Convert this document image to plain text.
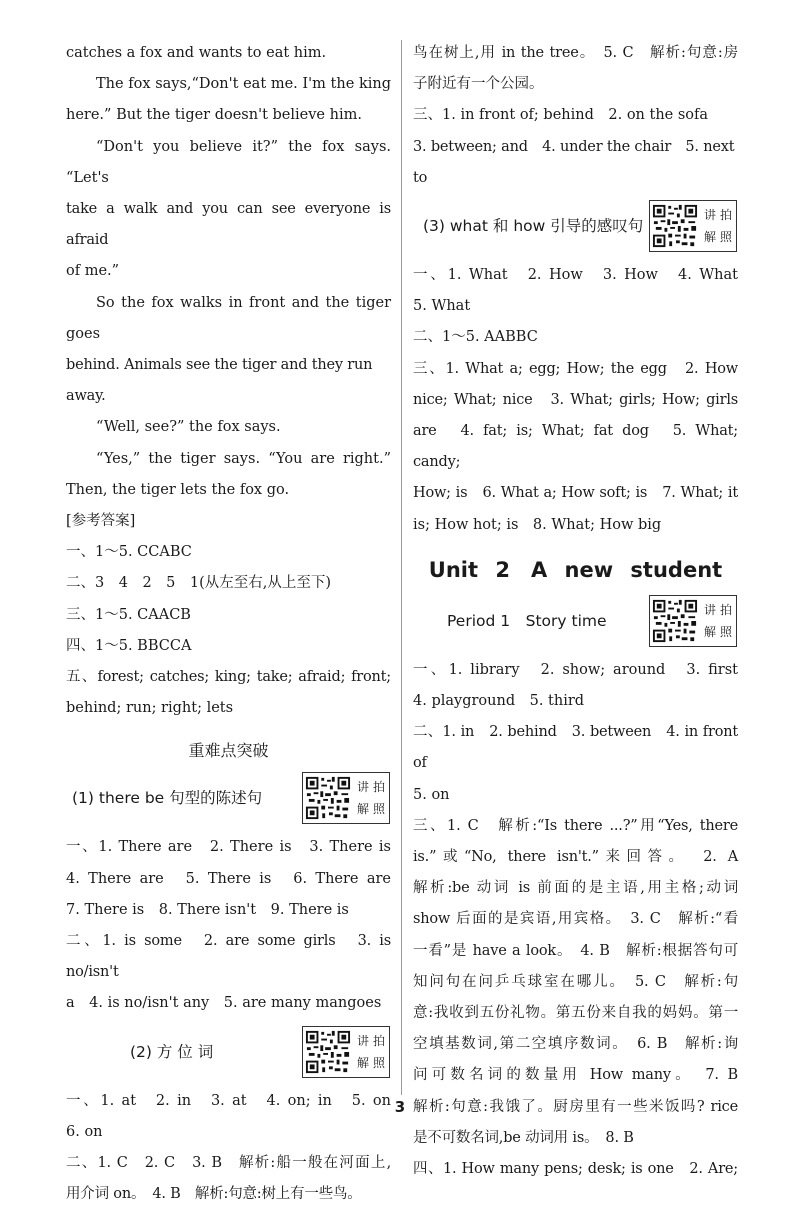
catches a fox and wants to eat him.

The fox says,“Don't eat me. I'm the king

here.” But the tiger doesn't believe him.

“Don't you believe it?” the fox says. “Let's

take a walk and you can see everyone is afraid

of me.”

So the fox walks in front and the tiger goes

behind. Animals see the tiger and they run away.

“Well, see?” the fox says.

“Yes,” the tiger says. “You are right.”

Then, the tiger lets the fox go.

[参考答案]

一、1～5. CCABC

二、3　4　2　5　1(从左至右,从上至下)

三、1～5. CAACB

四、1～5. BBCCA

五、forest; catches; king; take; afraid; front;

behind; run; right; lets

重难点突破
(1) there be 句型的陈述句
讲 拍
解 照

一、1. There are　2. There is　3. There is

4. There are　5. There is　6. There are

7. There is　8. There isn't　9. There is

二、1. is some　2. are some girls　3. is no/isn't

a　4. is no/isn't any　5. are many mangoes

(2) 方 位 词
讲 拍
解 照

一、1. at　2. in　3. at　4. on; in　5. on

6. on

二、1. C　2. C　3. B　解析:船一般在河面上,

用介词 on。　4. B　解析:句意:树上有一些鸟。

鸟在树上,用 in the tree。　5. C　解析:句意:房

子附近有一个公园。

三、1. in front of; behind　2. on the sofa

3. between; and　4. under the chair　5. next to

(3) what 和 how 引导的感叹句
讲 拍
解 照

一、1. What　2. How　3. How　4. What

5. What

二、1～5. AABBC

三、1. What a; egg; How; the egg　2. How

nice; What; nice　3. What; girls; How; girls

are　4. fat; is; What; fat dog　5. What; candy;

How; is　6. What a; How soft; is　7. What; it

is; How hot; is　8. What; How big

Unit 2　A new student
Period 1　Story time
讲 拍
解 照

一、1. library　2. show; around　3. first

4. playground　5. third

二、1. in　2. behind　3. between　4. in front of

5. on

三、1. C　解析:“Is there ...?”用“Yes, there

is.”或“No, there isn't.”来回答。　2. A

解析:be 动词 is 前面的是主语,用主格;动词

show 后面的是宾语,用宾格。　3. C　解析:“看

一看”是 have a look。　4. B　解析:根据答句可

知问句在问乒乓球室在哪儿。　5. C　解析:句

意:我收到五份礼物。第五份来自我的妈妈。第一

空填基数词,第二空填序数词。　6. B　解析:询

问可数名词的数量用 How many。　7. B

解析:句意:我饿了。厨房里有一些米饭吗? rice

是不可数名词,be 动词用 is。　8. B

四、1. How many pens; desk; is one　2. Are;

3
